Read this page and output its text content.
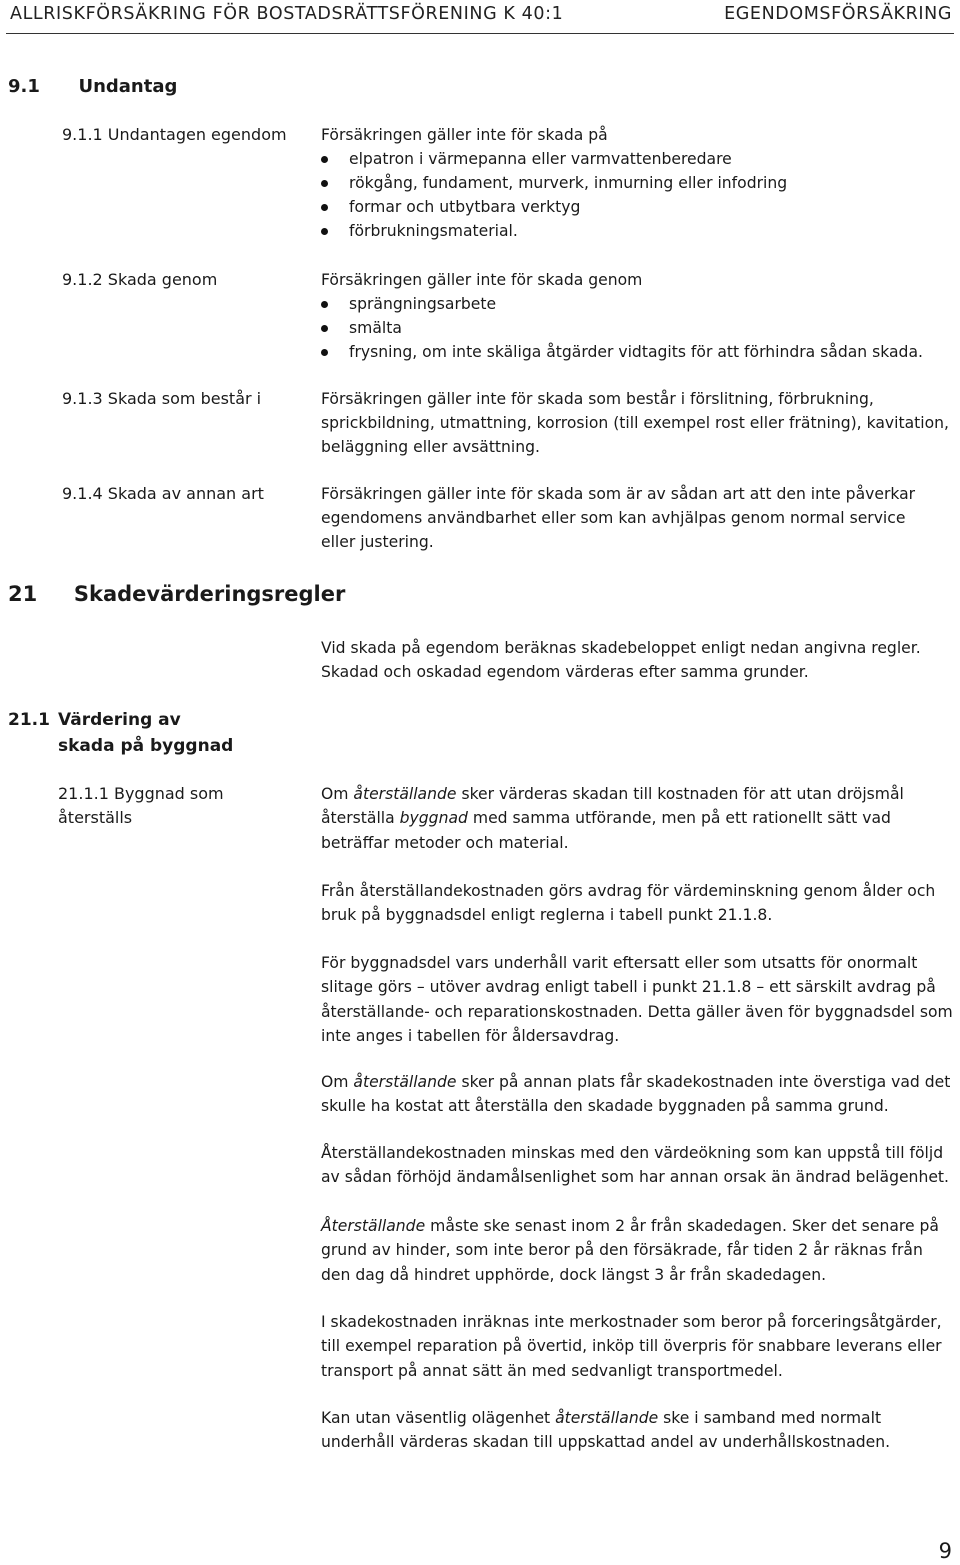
ALLRISKFÖRSÄKRING FÖR BOSTADSRÄTTSFÖRENING K 40:1	EGENDOMSFÖRSÄKRING
9.1 Undantag
9.1.1 Undantagen egendom Försäkringen gäller inte för skada på
elpatron i värmepanna eller varmvattenberedare
rökgång, fundament, murverk, inmurning eller infodring
formar och utbytbara verktyg
förbrukningsmaterial.
9.1.2 Skada genom	Försäkringen gäller inte för skada genom
sprängningsarbete
smälta
frysning, om inte skäliga åtgärder vidtagits för att förhindra sådan skada.
9.1.3 Skada som består i	Försäkringen gäller inte för skada som består i förslitning, förbrukning, sprickbildning, utmattning, korrosion (till exempel rost eller frätning), kavitation, beläggning eller avsättning.
9.1.4 Skada av annan art	Försäkringen gäller inte för skada som är av sådan art att den inte påverkar egendomens användbarhet eller som kan avhjälpas genom normal service eller justering.
21 Skadevärderingsregler
Vid skada på egendom beräknas skadebeloppet enligt nedan angivna regler. Skadad och oskadad egendom värderas efter samma grunder.
21.1 Värdering av skada på byggnad
21.1.1 Byggnad som återställs
Om återställande sker värderas skadan till kostnaden för att utan dröjsmål återställa byggnad med samma utförande, men på ett rationellt sätt vad beträffar metoder och material.
Från återställandekostnaden görs avdrag för värdeminskning genom ålder och bruk på byggnadsdel enligt reglerna i tabell punkt 21.1.8.
För byggnadsdel vars underhåll varit eftersatt eller som utsatts för onormalt slitage görs – utöver avdrag enligt tabell i punkt 21.1.8 – ett särskilt avdrag på återställande- och reparationskostnaden. Detta gäller även för byggnadsdel som inte anges i tabellen för åldersavdrag.
Om återställande sker på annan plats får skadekostnaden inte överstiga vad det skulle ha kostat att återställa den skadade byggnaden på samma grund.
Återställandekostnaden minskas med den värdeökning som kan uppstå till följd av sådan förhöjd ändamålsenlighet som har annan orsak än ändrad belägenhet.
Återställande måste ske senast inom 2 år från skadedagen. Sker det senare på grund av hinder, som inte beror på den försäkrade, får tiden 2 år räknas från den dag då hindret upphörde, dock längst 3 år från skadedagen.
I skadekostnaden inräknas inte merkostnader som beror på forceringsåtgärder, till exempel reparation på övertid, inköp till överpris för snabbare leverans eller transport på annat sätt än med sedvanligt transportmedel.
Kan utan väsentlig olägenhet återställande ske i samband med normalt underhåll värderas skadan till uppskattad andel av underhållskostnaden.
9
